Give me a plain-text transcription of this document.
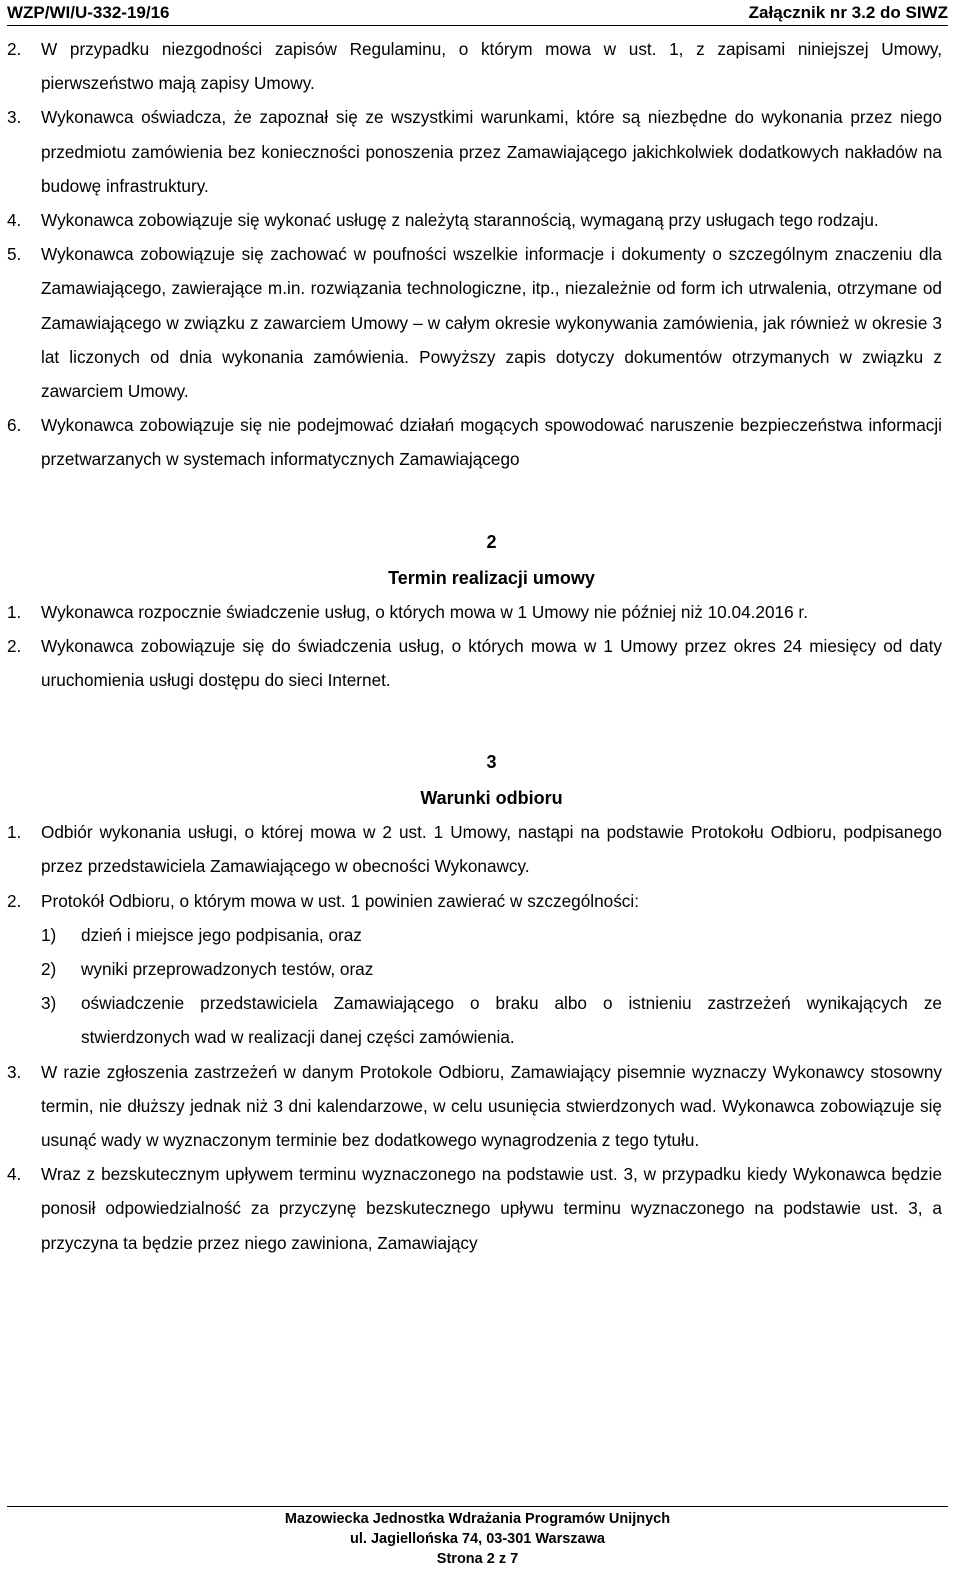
WZP/WI/U-332-19/16	Załącznik nr 3.2 do SIWZ
2. W przypadku niezgodności zapisów Regulaminu, o którym mowa w ust. 1, z zapisami niniejszej Umowy, pierwszeństwo mają zapisy Umowy.
3. Wykonawca oświadcza, że zapoznał się ze wszystkimi warunkami, które są niezbędne do wykonania przez niego przedmiotu zamówienia bez konieczności ponoszenia przez Zamawiającego jakichkolwiek dodatkowych nakładów na budowę infrastruktury.
4. Wykonawca zobowiązuje się wykonać usługę z należytą starannością, wymaganą przy usługach tego rodzaju.
5. Wykonawca zobowiązuje się zachować w poufności wszelkie informacje i dokumenty o szczególnym znaczeniu dla Zamawiającego, zawierające m.in. rozwiązania technologiczne, itp., niezależnie od form ich utrwalenia, otrzymane od Zamawiającego w związku z zawarciem Umowy – w całym okresie wykonywania zamówienia, jak również w okresie 3 lat liczonych od dnia wykonania zamówienia. Powyższy zapis dotyczy dokumentów otrzymanych w związku z zawarciem Umowy.
6. Wykonawca zobowiązuje się nie podejmować działań mogących spowodować naruszenie bezpieczeństwa informacji przetwarzanych w systemach informatycznych Zamawiającego
2
Termin realizacji umowy
1. Wykonawca rozpocznie świadczenie usług, o których mowa w 1 Umowy nie później niż 10.04.2016 r.
2. Wykonawca zobowiązuje się do świadczenia usług, o których mowa w 1 Umowy przez okres 24 miesięcy od daty uruchomienia usługi dostępu do sieci Internet.
3
Warunki odbioru
1. Odbiór wykonania usługi, o której mowa w 2 ust. 1 Umowy, nastąpi na podstawie Protokołu Odbioru, podpisanego przez przedstawiciela Zamawiającego w obecności Wykonawcy.
2. Protokół Odbioru, o którym mowa w ust. 1 powinien zawierać w szczególności:
1) dzień i miejsce jego podpisania, oraz
2) wyniki przeprowadzonych testów, oraz
3) oświadczenie przedstawiciela Zamawiającego o braku albo o istnieniu zastrzeżeń wynikających ze stwierdzonych wad w realizacji danej części zamówienia.
3. W razie zgłoszenia zastrzeżeń w danym Protokole Odbioru, Zamawiający pisemnie wyznaczy Wykonawcy stosowny termin, nie dłuższy jednak niż 3 dni kalendarzowe, w celu usunięcia stwierdzonych wad. Wykonawca zobowiązuje się usunąć wady w wyznaczonym terminie bez dodatkowego wynagrodzenia z tego tytułu.
4. Wraz z bezskutecznym upływem terminu wyznaczonego na podstawie ust. 3, w przypadku kiedy Wykonawca będzie ponosił odpowiedzialność za przyczynę bezskutecznego upływu terminu wyznaczonego na podstawie ust. 3, a przyczyna ta będzie przez niego zawiniona, Zamawiający
Mazowiecka Jednostka Wdrażania Programów Unijnych
ul. Jagiellońska 74, 03-301 Warszawa
Strona 2 z 7
